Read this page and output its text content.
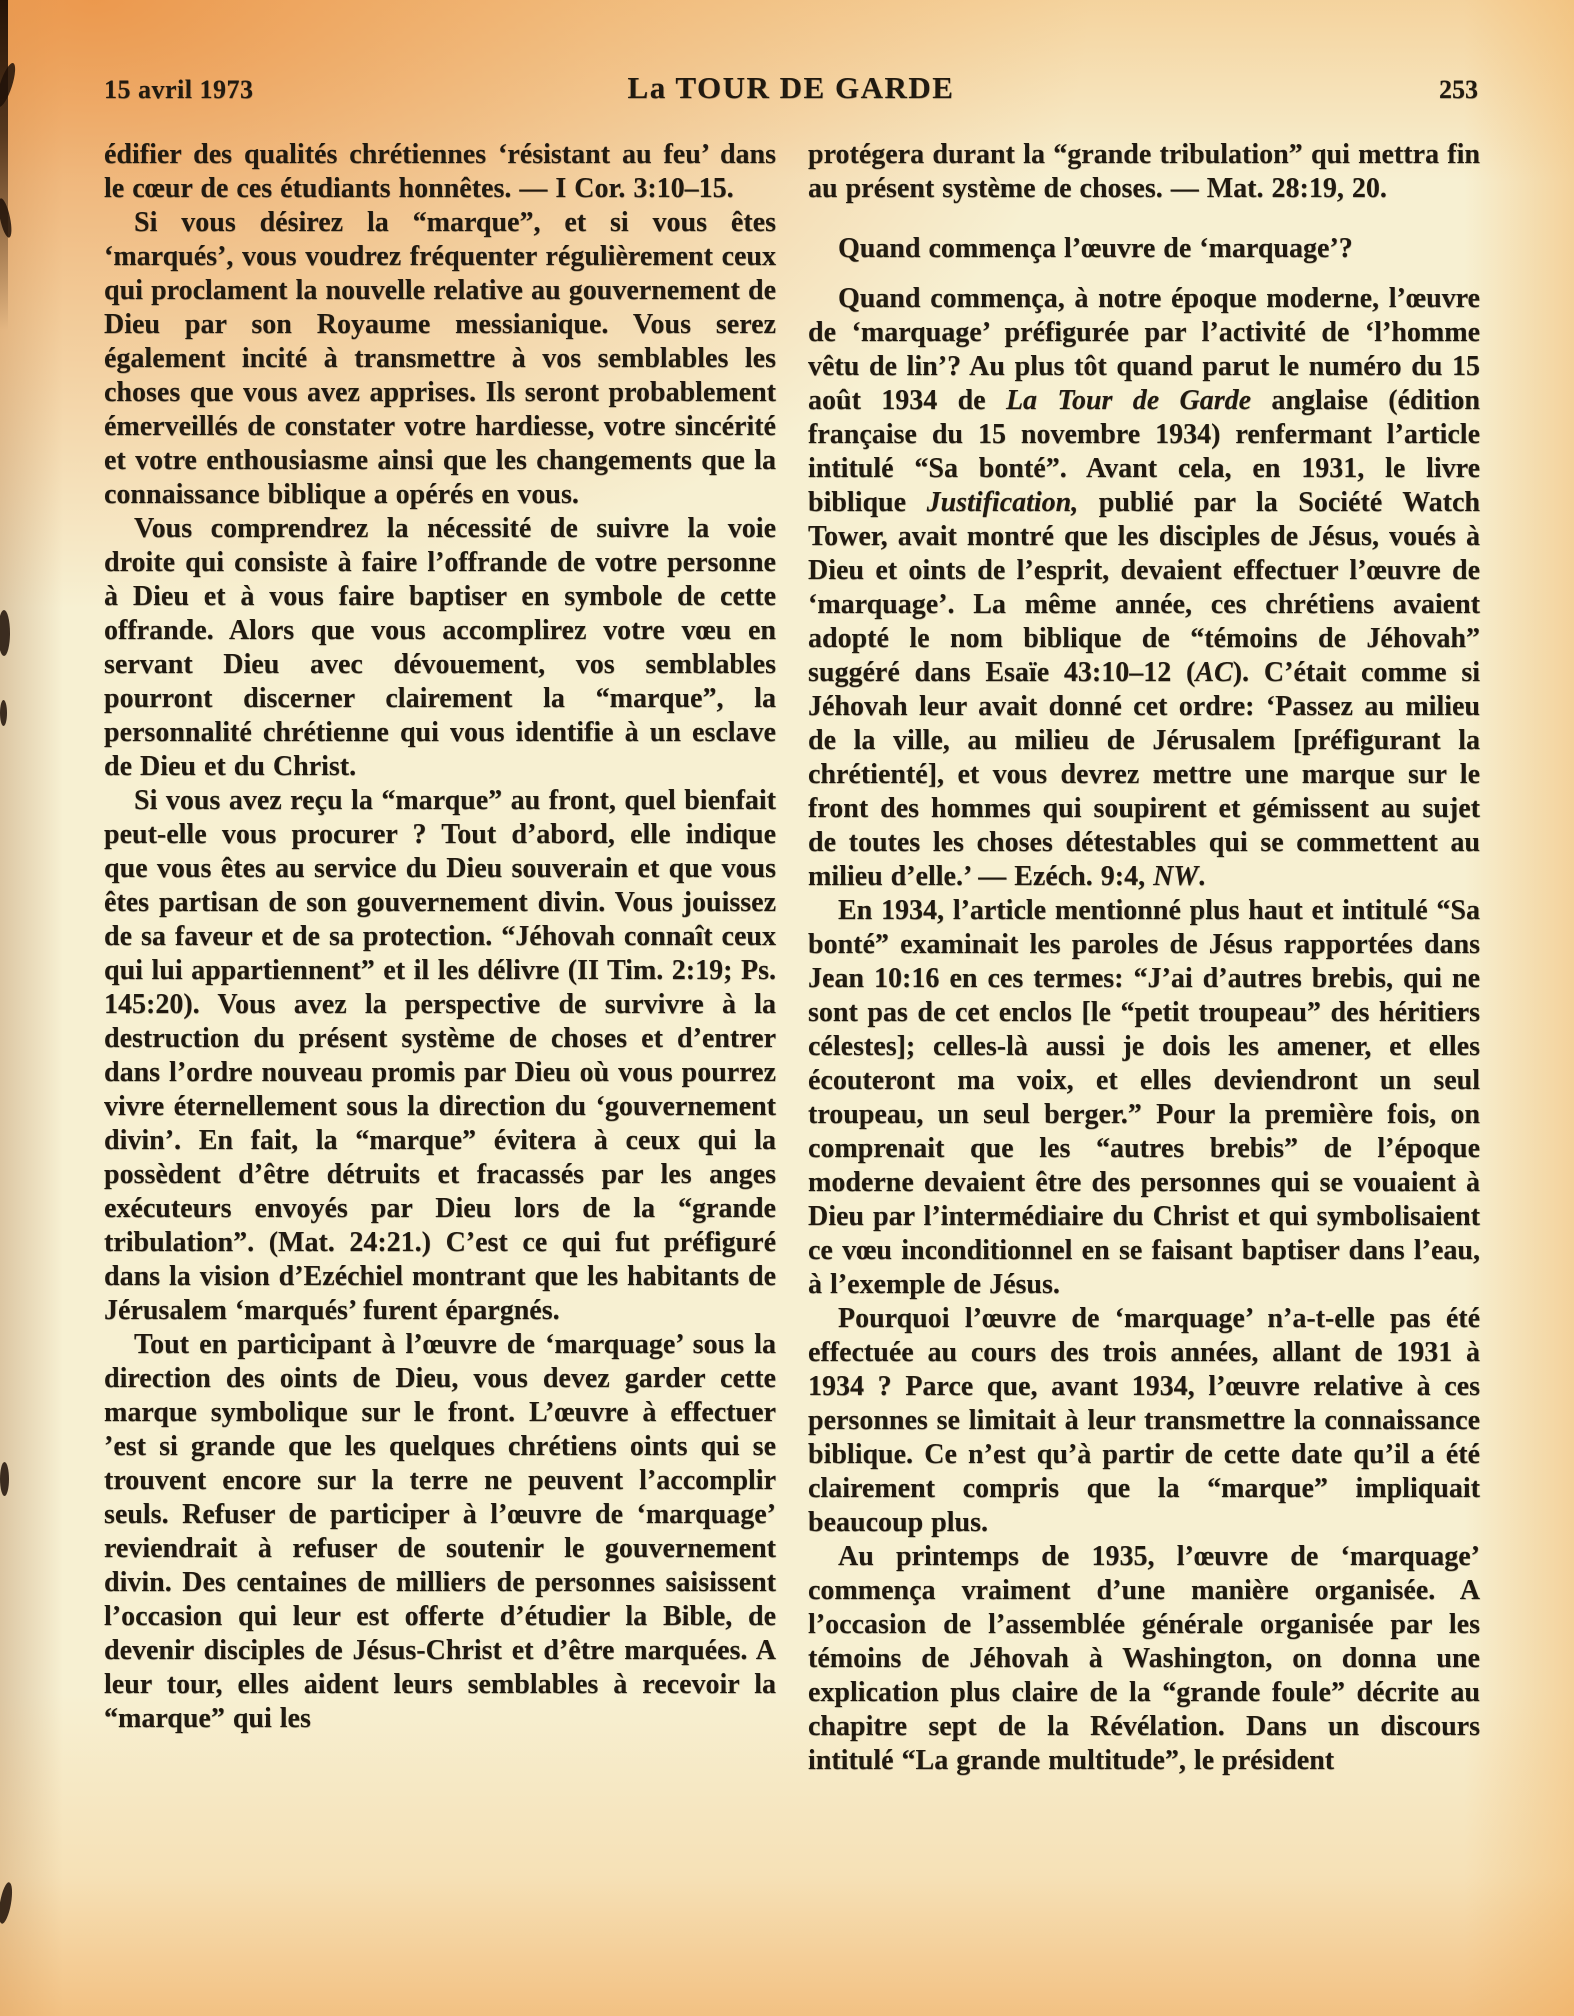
15 avril 1973	La TOUR DE GARDE	253

édifier des qualités chrétiennes ‘résistant au feu’ dans le cœur de ces étudiants honnêtes. — I Cor. 3:10–15.

Si vous désirez la “marque”, et si vous êtes ‘marqués’, vous voudrez fréquenter régulièrement ceux qui proclament la nouvelle relative au gouvernement de Dieu par son Royaume messianique. Vous serez également incité à transmettre à vos semblables les choses que vous avez apprises. Ils seront probablement émerveillés de constater votre hardiesse, votre sincérité et votre enthousiasme ainsi que les changements que la connaissance biblique a opérés en vous.

Vous comprendrez la nécessité de suivre la voie droite qui consiste à faire l’offrande de votre personne à Dieu et à vous faire baptiser en symbole de cette offrande. Alors que vous accomplirez votre vœu en servant Dieu avec dévouement, vos semblables pourront discerner clairement la “marque”, la personnalité chrétienne qui vous identifie à un esclave de Dieu et du Christ.

Si vous avez reçu la “marque” au front, quel bienfait peut-elle vous procurer ? Tout d’abord, elle indique que vous êtes au service du Dieu souverain et que vous êtes partisan de son gouvernement divin. Vous jouissez de sa faveur et de sa protection. “Jéhovah connaît ceux qui lui appartiennent” et il les délivre (II Tim. 2:19; Ps. 145:20). Vous avez la perspective de survivre à la destruction du présent système de choses et d’entrer dans l’ordre nouveau promis par Dieu où vous pourrez vivre éternellement sous la direction du ‘gouvernement divin’. En fait, la “marque” évitera à ceux qui la possèdent d’être détruits et fracassés par les anges exécuteurs envoyés par Dieu lors de la “grande tribulation”. (Mat. 24:21.) C’est ce qui fut préfiguré dans la vision d’Ezéchiel montrant que les habitants de Jérusalem ‘marqués’ furent épargnés.

Tout en participant à l’œuvre de ‘marquage’ sous la direction des oints de Dieu, vous devez garder cette marque symbolique sur le front. L’œuvre à effectuer ’est si grande que les quelques chrétiens oints qui se trouvent encore sur la terre ne peuvent l’accomplir seuls. Refuser de participer à l’œuvre de ‘marquage’ reviendrait à refuser de soutenir le gouvernement divin. Des centaines de milliers de personnes saisissent l’occasion qui leur est offerte d’étudier la Bible, de devenir disciples de Jésus-Christ et d’être marquées. A leur tour, elles aident leurs semblables à recevoir la “marque” qui les

protégera durant la “grande tribulation” qui mettra fin au présent système de choses. — Mat. 28:19, 20.

Quand commença l’œuvre de ‘marquage’?

Quand commença, à notre époque moderne, l’œuvre de ‘marquage’ préfigurée par l’activité de ‘l’homme vêtu de lin’? Au plus tôt quand parut le numéro du 15 août 1934 de La Tour de Garde anglaise (édition française du 15 novembre 1934) renfermant l’article intitulé “Sa bonté”. Avant cela, en 1931, le livre biblique Justification, publié par la Société Watch Tower, avait montré que les disciples de Jésus, voués à Dieu et oints de l’esprit, devaient effectuer l’œuvre de ‘marquage’. La même année, ces chrétiens avaient adopté le nom biblique de “témoins de Jéhovah” suggéré dans Esaïe 43:10–12 (AC). C’était comme si Jéhovah leur avait donné cet ordre: ‘Passez au milieu de la ville, au milieu de Jérusalem [préfigurant la chrétienté], et vous devrez mettre une marque sur le front des hommes qui soupirent et gémissent au sujet de toutes les choses détestables qui se commettent au milieu d’elle.’ — Ezéch. 9:4, NW.

En 1934, l’article mentionné plus haut et intitulé “Sa bonté” examinait les paroles de Jésus rapportées dans Jean 10:16 en ces termes: “J’ai d’autres brebis, qui ne sont pas de cet enclos [le “petit troupeau” des héritiers célestes]; celles-là aussi je dois les amener, et elles écouteront ma voix, et elles deviendront un seul troupeau, un seul berger.” Pour la première fois, on comprenait que les “autres brebis” de l’époque moderne devaient être des personnes qui se vouaient à Dieu par l’intermédiaire du Christ et qui symbolisaient ce vœu inconditionnel en se faisant baptiser dans l’eau, à l’exemple de Jésus.

Pourquoi l’œuvre de ‘marquage’ n’a-t-elle pas été effectuée au cours des trois années, allant de 1931 à 1934 ? Parce que, avant 1934, l’œuvre relative à ces personnes se limitait à leur transmettre la connaissance biblique. Ce n’est qu’à partir de cette date qu’il a été clairement compris que la “marque” impliquait beaucoup plus.

Au printemps de 1935, l’œuvre de ‘marquage’ commença vraiment d’une manière organisée. A l’occasion de l’assemblée générale organisée par les témoins de Jéhovah à Washington, on donna une explication plus claire de la “grande foule” décrite au chapitre sept de la Révélation. Dans un discours intitulé “La grande multitude”, le président
